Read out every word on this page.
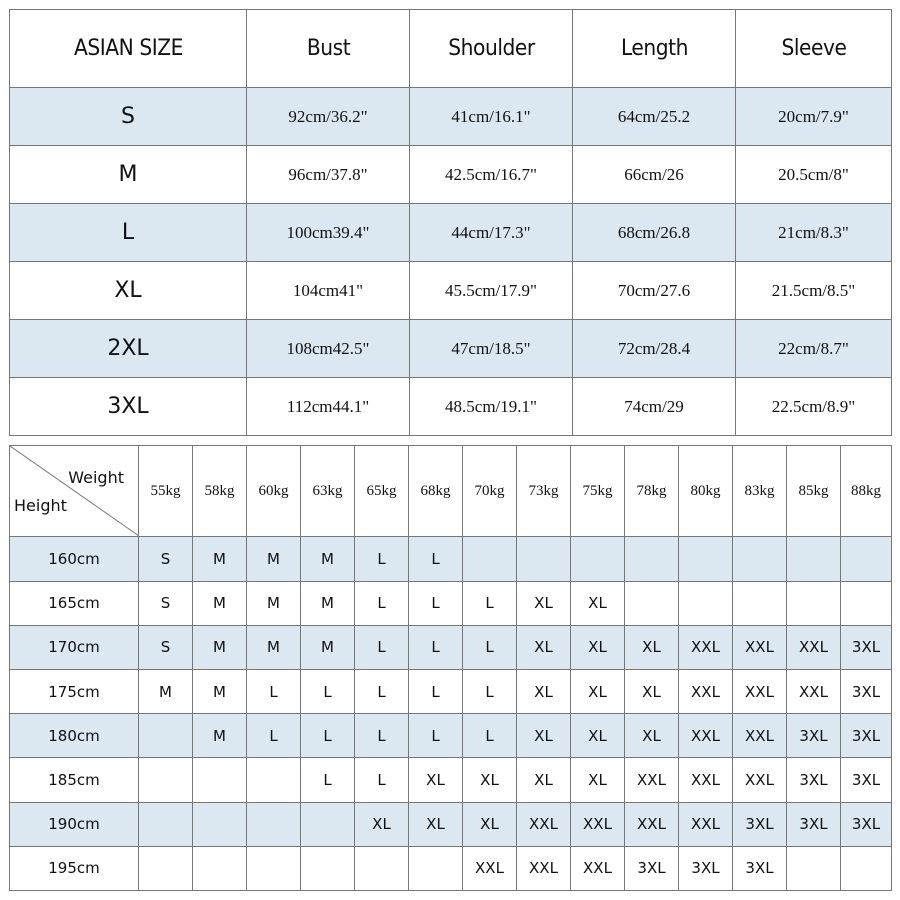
ASIAN SIZE	Bust	Shoulder	Length	Sleeve
S	92cm/36.2"	41cm/16.1"	64cm/25.2	20cm/7.9"
M	96cm/37.8"	42.5cm/16.7"	66cm/26	20.5cm/8"
L	100cm39.4"	44cm/17.3"	68cm/26.8	21cm/8.3"
XL	104cm41"	45.5cm/17.9"	70cm/27.6	21.5cm/8.5"
2XL	108cm42.5"	47cm/18.5"	72cm/28.4	22cm/8.7"
3XL	112cm44.1"	48.5cm/19.1"	74cm/29	22.5cm/8.9"
Weight
Height	55kg	58kg	60kg	63kg	65kg	68kg	70kg	73kg	75kg	78kg	80kg	83kg	85kg	88kg
160cm	S	M	M	M	L	L								
165cm	S	M	M	M	L	L	L	XL	XL					
170cm	S	M	M	M	L	L	L	XL	XL	XL	XXL	XXL	XXL	3XL
175cm	M	M	L	L	L	L	L	XL	XL	XL	XXL	XXL	XXL	3XL
180cm		M	L	L	L	L	L	XL	XL	XL	XXL	XXL	3XL	3XL
185cm				L	L	XL	XL	XL	XL	XXL	XXL	XXL	3XL	3XL
190cm					XL	XL	XL	XXL	XXL	XXL	XXL	3XL	3XL	3XL
195cm							XXL	XXL	XXL	3XL	3XL	3XL		
